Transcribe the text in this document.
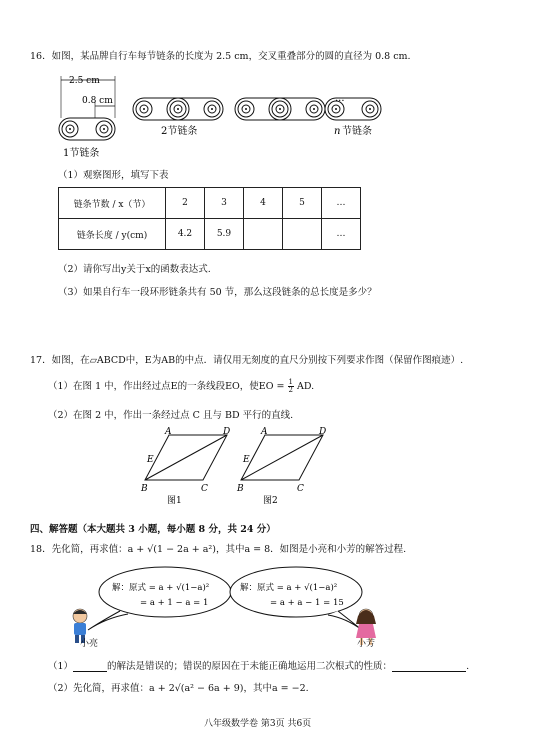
16．如图，某品牌自行车每节链条的长度为 2.5 cm，交叉重叠部分的圆的直径为 0.8 cm.
2.5 cm
0.8 cm
1节链条
2节链条
···
n 节链条
（1）观察图形，填写下表
链条节数 / x（节）	2	3	4	5	…
链条长度 / y(cm)	4.2	5.9			…
（2）请你写出y关于x的函数表达式.
（3）如果自行车一段环形链条共有 50 节，那么这段链条的总长度是多少？
17．如图，在▱ABCD中，E为AB的中点．请仅用无刻度的直尺分别按下列要求作图（保留作图痕迹）.
（1）在图 1 中，作出经过点E的一条线段EO，使EO = $\frac{1}{2}$ AD.
（2）在图 2 中，作出一条经过点 C 且与 BD 平行的直线.
A	D
E
B	C
图1
A	D
E
B	C
图2
四、解答题（本大题共 3 小题，每小题 8 分，共 24 分）
18．先化简，再求值：a + √(1 − 2a + a²)，其中a = 8．如图是小亮和小芳的解答过程.
解：原式 = a + √(1−a)²
= a + 1 − a = 1
解：原式 = a + √(1−a)²
= a + a − 1 = 15
小亮	小芳
（1）	的解法是错误的；错误的原因在于未能正确地运用二次根式的性质：	.
（2）先化简，再求值：a + 2√(a² − 6a + 9)，其中a = −2.
八年级数学卷 第3页 共6页
